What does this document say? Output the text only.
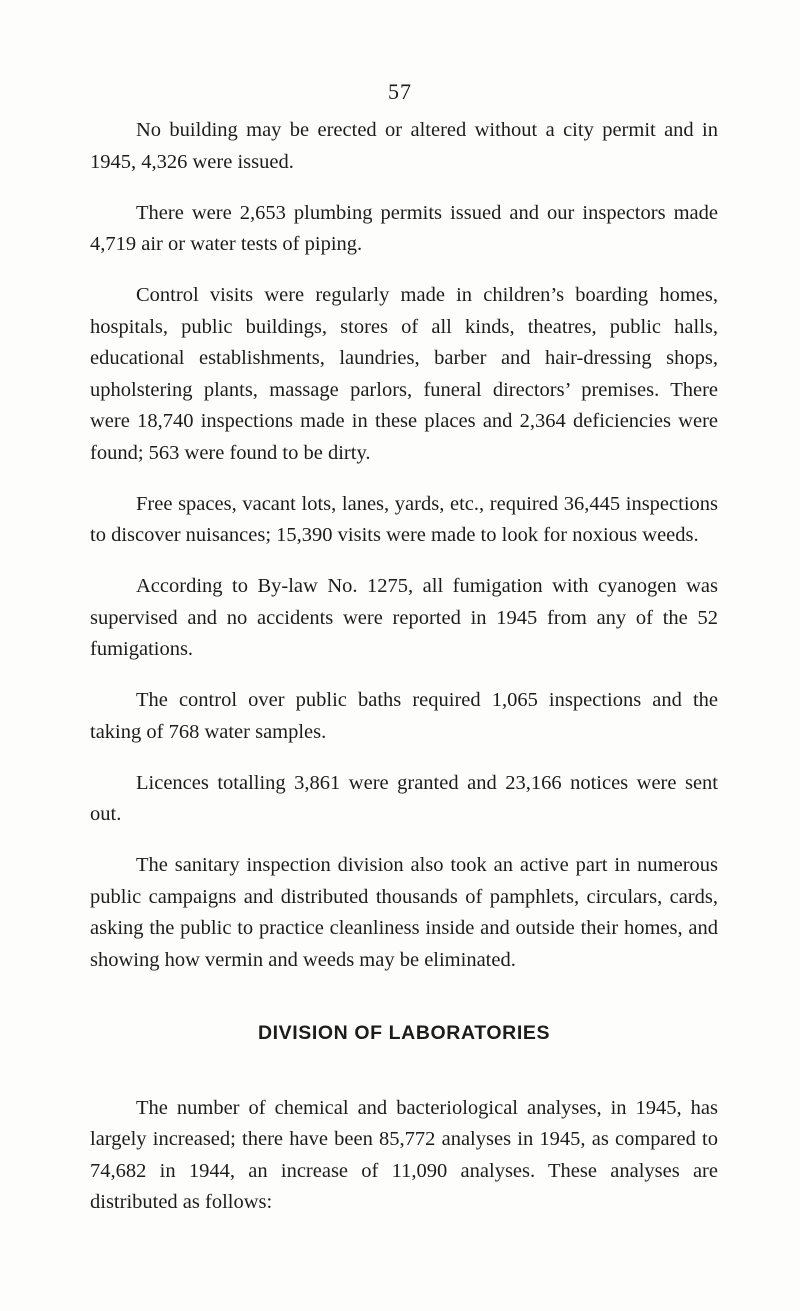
57

No building may be erected or altered without a city permit and in 1945, 4,326 were issued.

There were 2,653 plumbing permits issued and our inspectors made 4,719 air or water tests of piping.

Control visits were regularly made in children’s boarding homes, hospitals, public buildings, stores of all kinds, theatres, public halls, educational establishments, laundries, barber and hair-dressing shops, upholstering plants, massage parlors, funeral directors’ premises. There were 18,740 inspections made in these places and 2,364 deficiencies were found; 563 were found to be dirty.

Free spaces, vacant lots, lanes, yards, etc., required 36,445 inspections to discover nuisances; 15,390 visits were made to look for noxious weeds.

According to By-law No. 1275, all fumigation with cyanogen was supervised and no accidents were reported in 1945 from any of the 52 fumigations.

The control over public baths required 1,065 inspections and the taking of 768 water samples.

Licences totalling 3,861 were granted and 23,166 notices were sent out.

The sanitary inspection division also took an active part in numerous public campaigns and distributed thousands of pamphlets, circulars, cards, asking the public to practice cleanliness inside and outside their homes, and showing how vermin and weeds may be eliminated.

DIVISION OF LABORATORIES

The number of chemical and bacteriological analyses, in 1945, has largely increased; there have been 85,772 analyses in 1945, as compared to 74,682 in 1944, an increase of 11,090 analyses. These analyses are distributed as follows:
